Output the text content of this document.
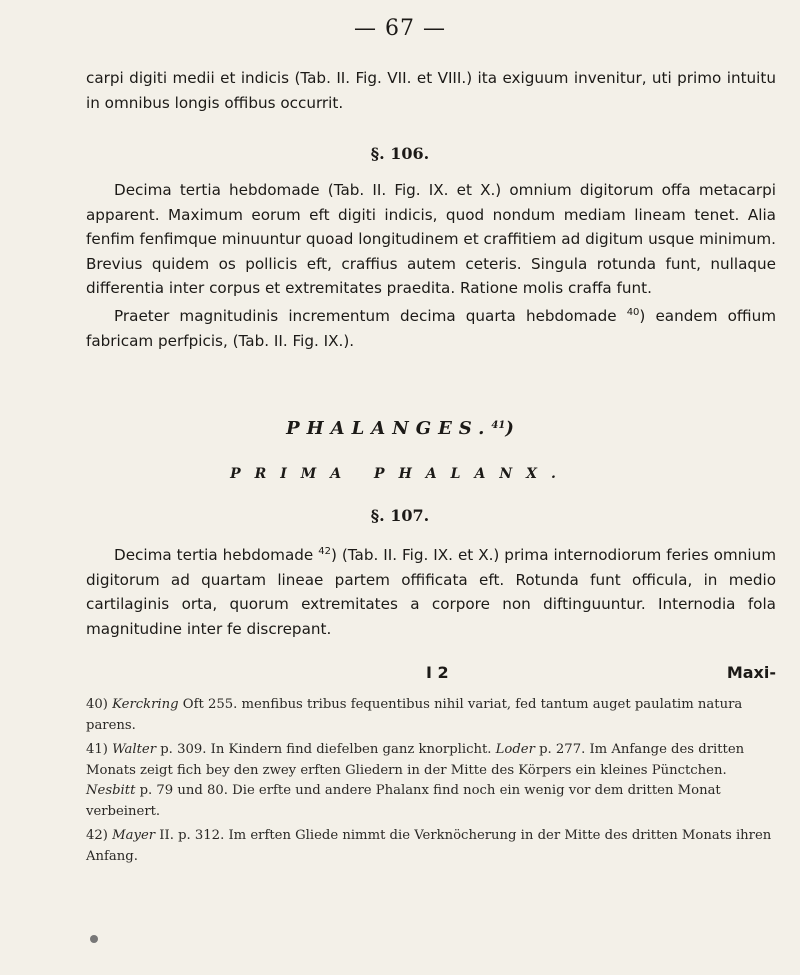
— 67 —

carpi digiti medii et indicis (Tab. II. Fig. VII. et VIII.) ita exiguum invenitur, uti primo intuitu in omnibus longis offibus occurrit.

§. 106.

Decima tertia hebdomade (Tab. II. Fig. IX. et X.) omnium digitorum offa metacarpi apparent. Maximum eorum eft digiti indicis, quod nondum mediam lineam tenet. Alia fenfim fenfimque minuuntur quoad longitudinem et craffitiem ad digitum usque minimum. Brevius quidem os pollicis eft, craffius autem ceteris. Singula rotunda funt, nullaque differentia inter corpus et extremitates praedita. Ratione molis craffa funt.

Praeter magnitudinis incrementum decima quarta hebdomade $^{40}$) eandem offium fabricam perfpicis, (Tab. II. Fig. IX.).

PHALANGES.$^{41}$)
PRIMA PHALANX.
§. 107.

Decima tertia hebdomade $^{42}$) (Tab. II. Fig. IX. et X.) prima internodiorum feries omnium digitorum ad quartam lineae partem offificata eft. Rotunda funt officula, in medio cartilaginis orta, quorum extremitates a corpore non diftinguuntur. Internodia fola magnitudine inter fe discrepant.

I 2	Maxi-

40) Kerckring Oft 255. menfibus tribus fequentibus nihil variat, fed tantum auget paulatim natura parens.

41) Walter p. 309. In Kindern find diefelben ganz knorplicht. Loder p. 277. Im Anfange des dritten Monats zeigt fich bey den zwey erften Gliedern in der Mitte des Körpers ein kleines Pünctchen. Nesbitt p. 79 und 80. Die erfte und andere Phalanx find noch ein wenig vor dem dritten Monat verbeinert.

42) Mayer II. p. 312. Im erften Gliede nimmt die Verknöcherung in der Mitte des dritten Monats ihren Anfang.
